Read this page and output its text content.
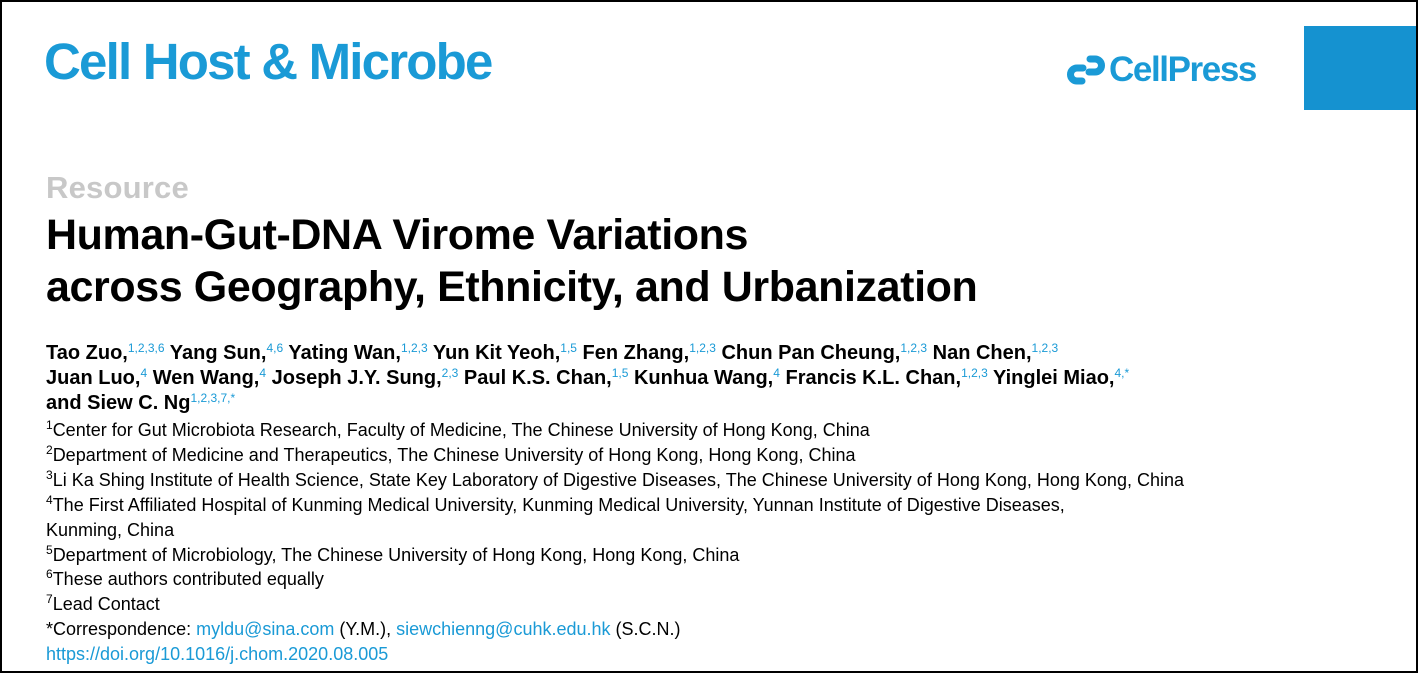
Cell Host & Microbe	CellPress
Resource
Human-Gut-DNA Virome Variations
across Geography, Ethnicity, and Urbanization
Tao Zuo,$^{1,2,3,6}$ Yang Sun,$^{4,6}$ Yating Wan,$^{1,2,3}$ Yun Kit Yeoh,$^{1,5}$ Fen Zhang,$^{1,2,3}$ Chun Pan Cheung,$^{1,2,3}$ Nan Chen,$^{1,2,3}$
Juan Luo,$^4$ Wen Wang,$^4$ Joseph J.Y. Sung,$^{2,3}$ Paul K.S. Chan,$^{1,5}$ Kunhua Wang,$^4$ Francis K.L. Chan,$^{1,2,3}$ Yinglei Miao,$^{4,*}$
and Siew C. $Ng^{1,2,3,7,*}$
$^1$Center for Gut Microbiota Research, Faculty of Medicine, The Chinese University of Hong Kong, China
$^2$Department of Medicine and Therapeutics, The Chinese University of Hong Kong, Hong Kong, China
$^3$Li Ka Shing Institute of Health Science, State Key Laboratory of Digestive Diseases, The Chinese University of Hong Kong, Hong Kong, China
$^4$The First Affiliated Hospital of Kunming Medical University, Kunming Medical University, Yunnan Institute of Digestive Diseases,
Kunming, China
$^5$Department of Microbiology, The Chinese University of Hong Kong, Hong Kong, China
$^6$These authors contributed equally
$^7$Lead Contact
*Correspondence: myldu@sina.com (Y.M.), siewchienng@cuhk.edu.hk (S.C.N.)
https://doi.org/10.1016/j.chom.2020.08.005
